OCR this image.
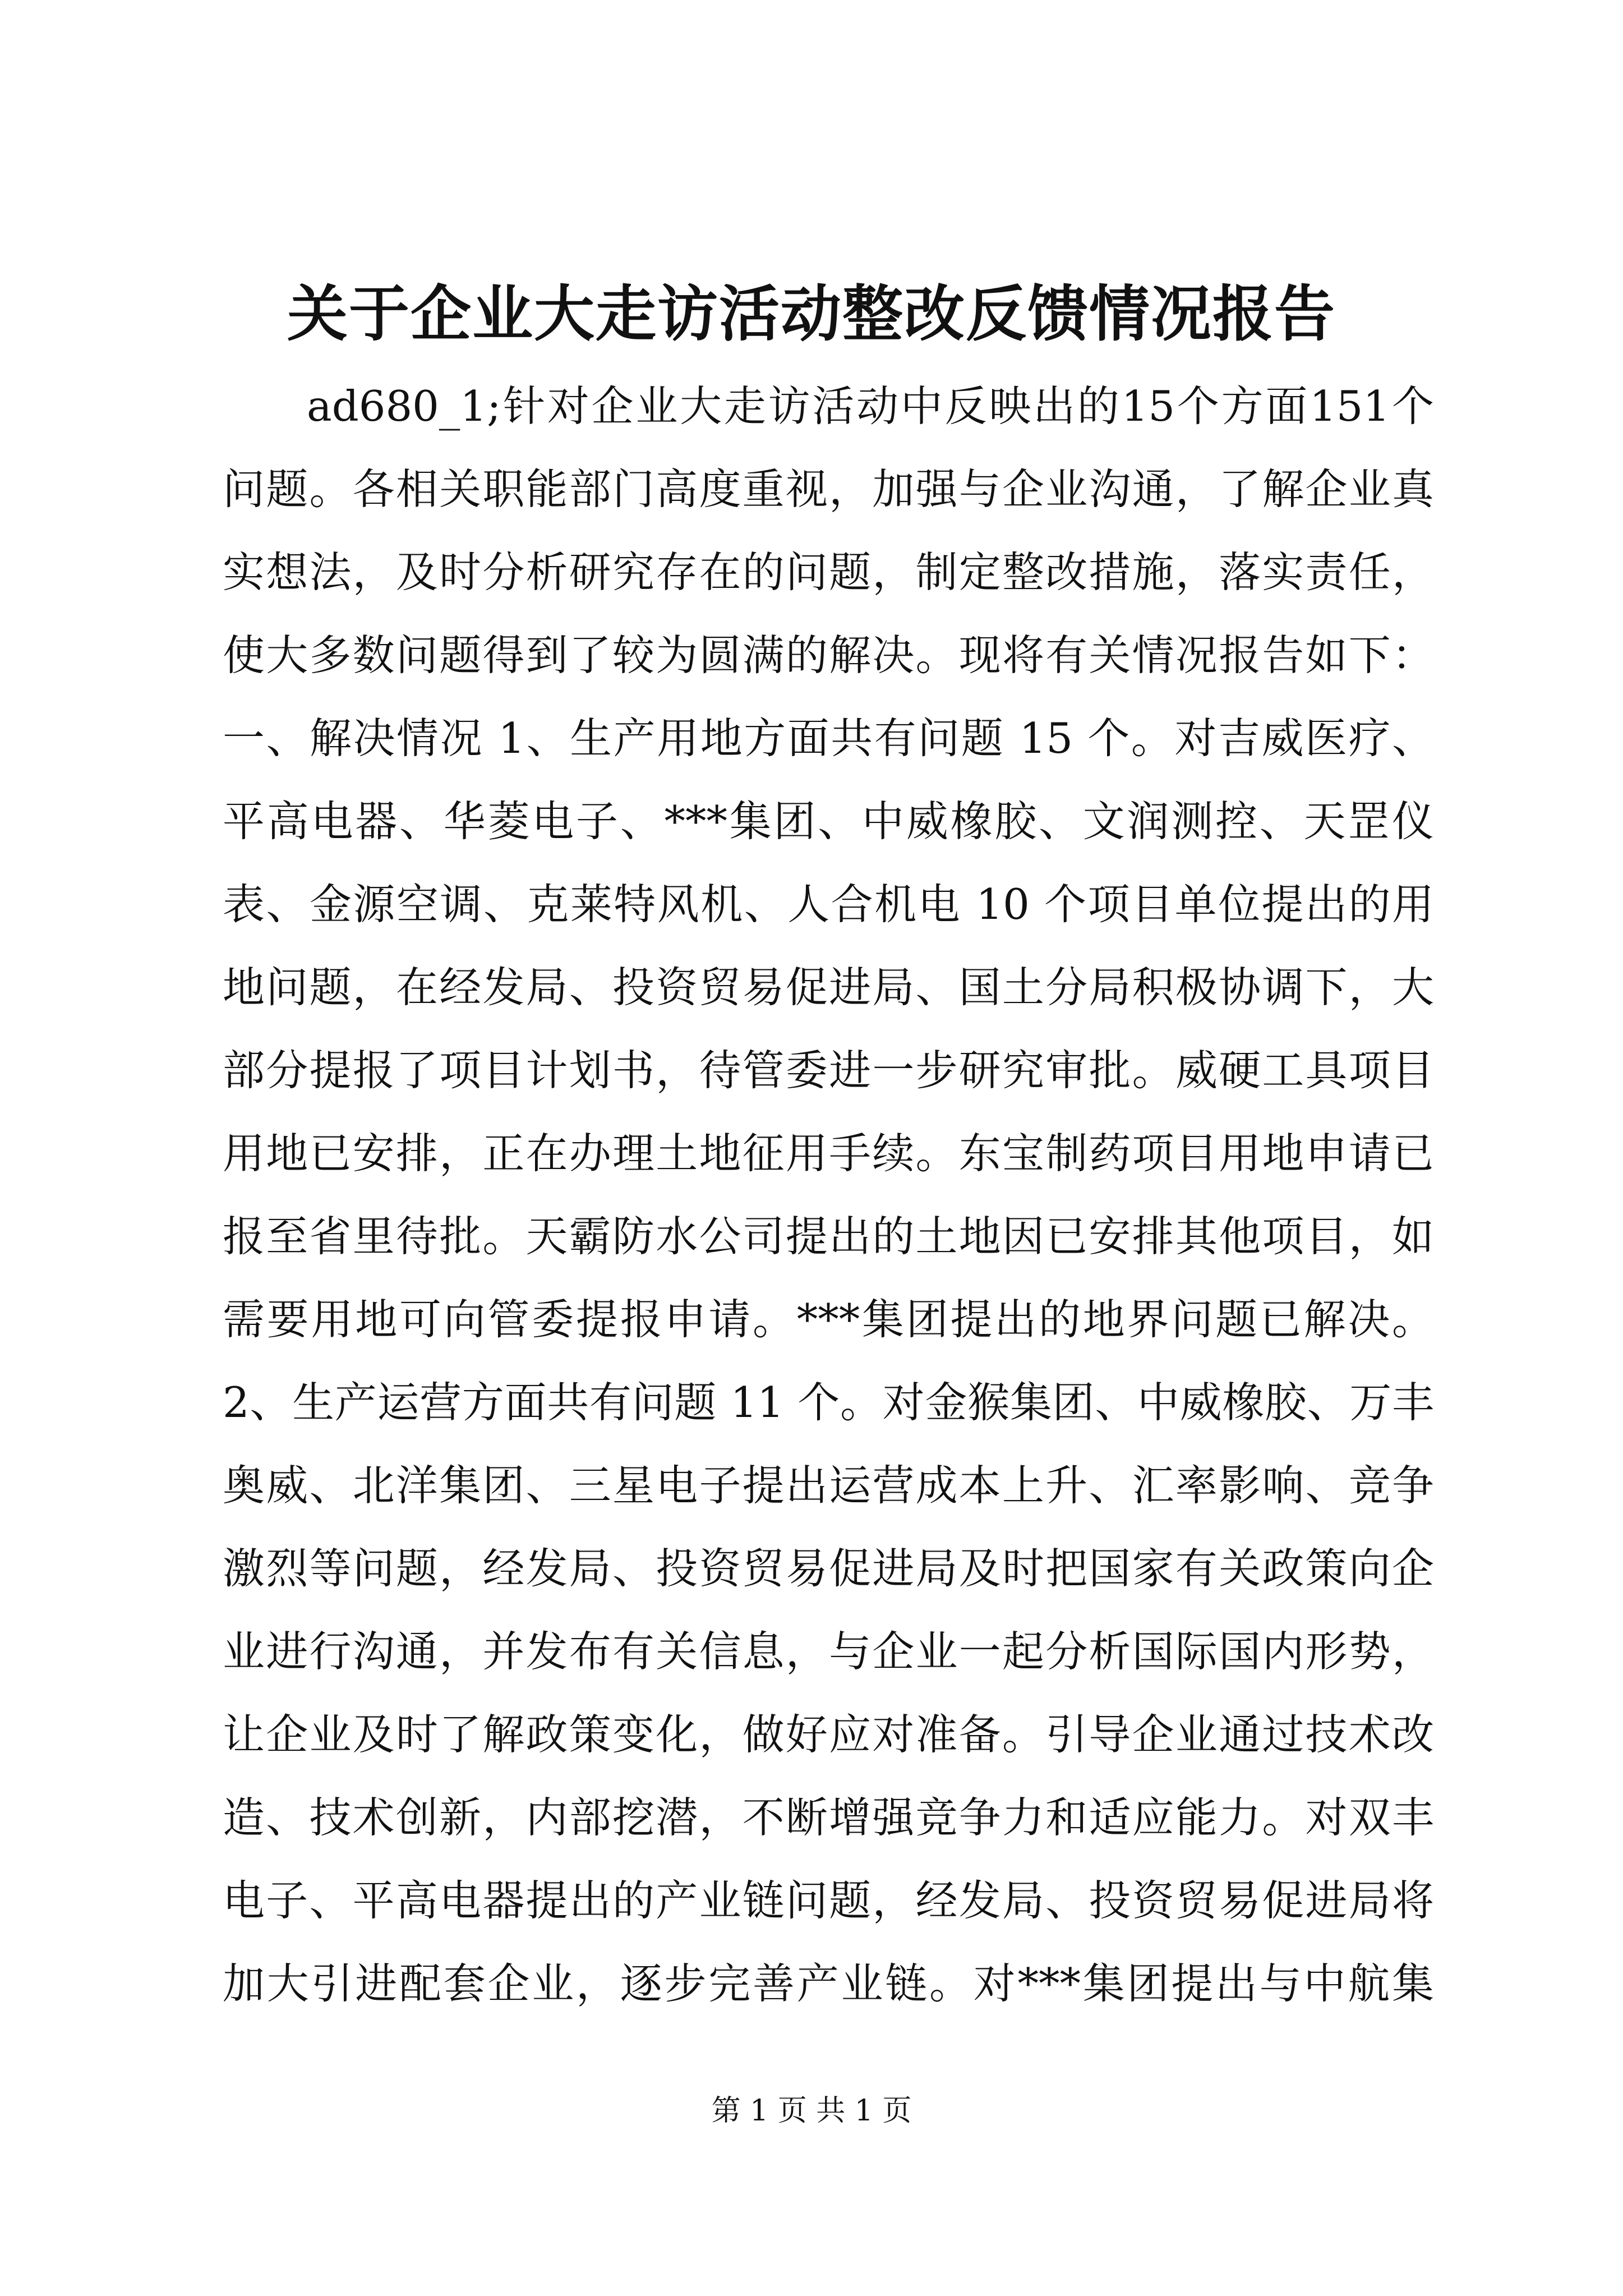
关于企业大走访活动整改反馈情况报告
ad680_1;针对企业大走访活动中反映出的15个方面151个
问题。各相关职能部门高度重视，加强与企业沟通，了解企业真
实想法，及时分析研究存在的问题，制定整改措施，落实责任，
使大多数问题得到了较为圆满的解决。现将有关情况报告如下：
一、解决情况 1、生产用地方面共有问题 15 个。对吉威医疗、
平高电器、华菱电子、***集团、中威橡胶、文润测控、天罡仪
表、金源空调、克莱特风机、人合机电 10 个项目单位提出的用
地问题，在经发局、投资贸易促进局、国土分局积极协调下，大
部分提报了项目计划书，待管委进一步研究审批。威硬工具项目
用地已安排，正在办理土地征用手续。东宝制药项目用地申请已
报至省里待批。天霸防水公司提出的土地因已安排其他项目，如
需要用地可向管委提报申请。***集团提出的地界问题已解决。
2、生产运营方面共有问题 11 个。对金猴集团、中威橡胶、万丰
奥威、北洋集团、三星电子提出运营成本上升、汇率影响、竞争
激烈等问题，经发局、投资贸易促进局及时把国家有关政策向企
业进行沟通，并发布有关信息，与企业一起分析国际国内形势，
让企业及时了解政策变化，做好应对准备。引导企业通过技术改
造、技术创新，内部挖潜，不断增强竞争力和适应能力。对双丰
电子、平高电器提出的产业链问题，经发局、投资贸易促进局将
加大引进配套企业，逐步完善产业链。对***集团提出与中航集

第 1 页 共 1 页
